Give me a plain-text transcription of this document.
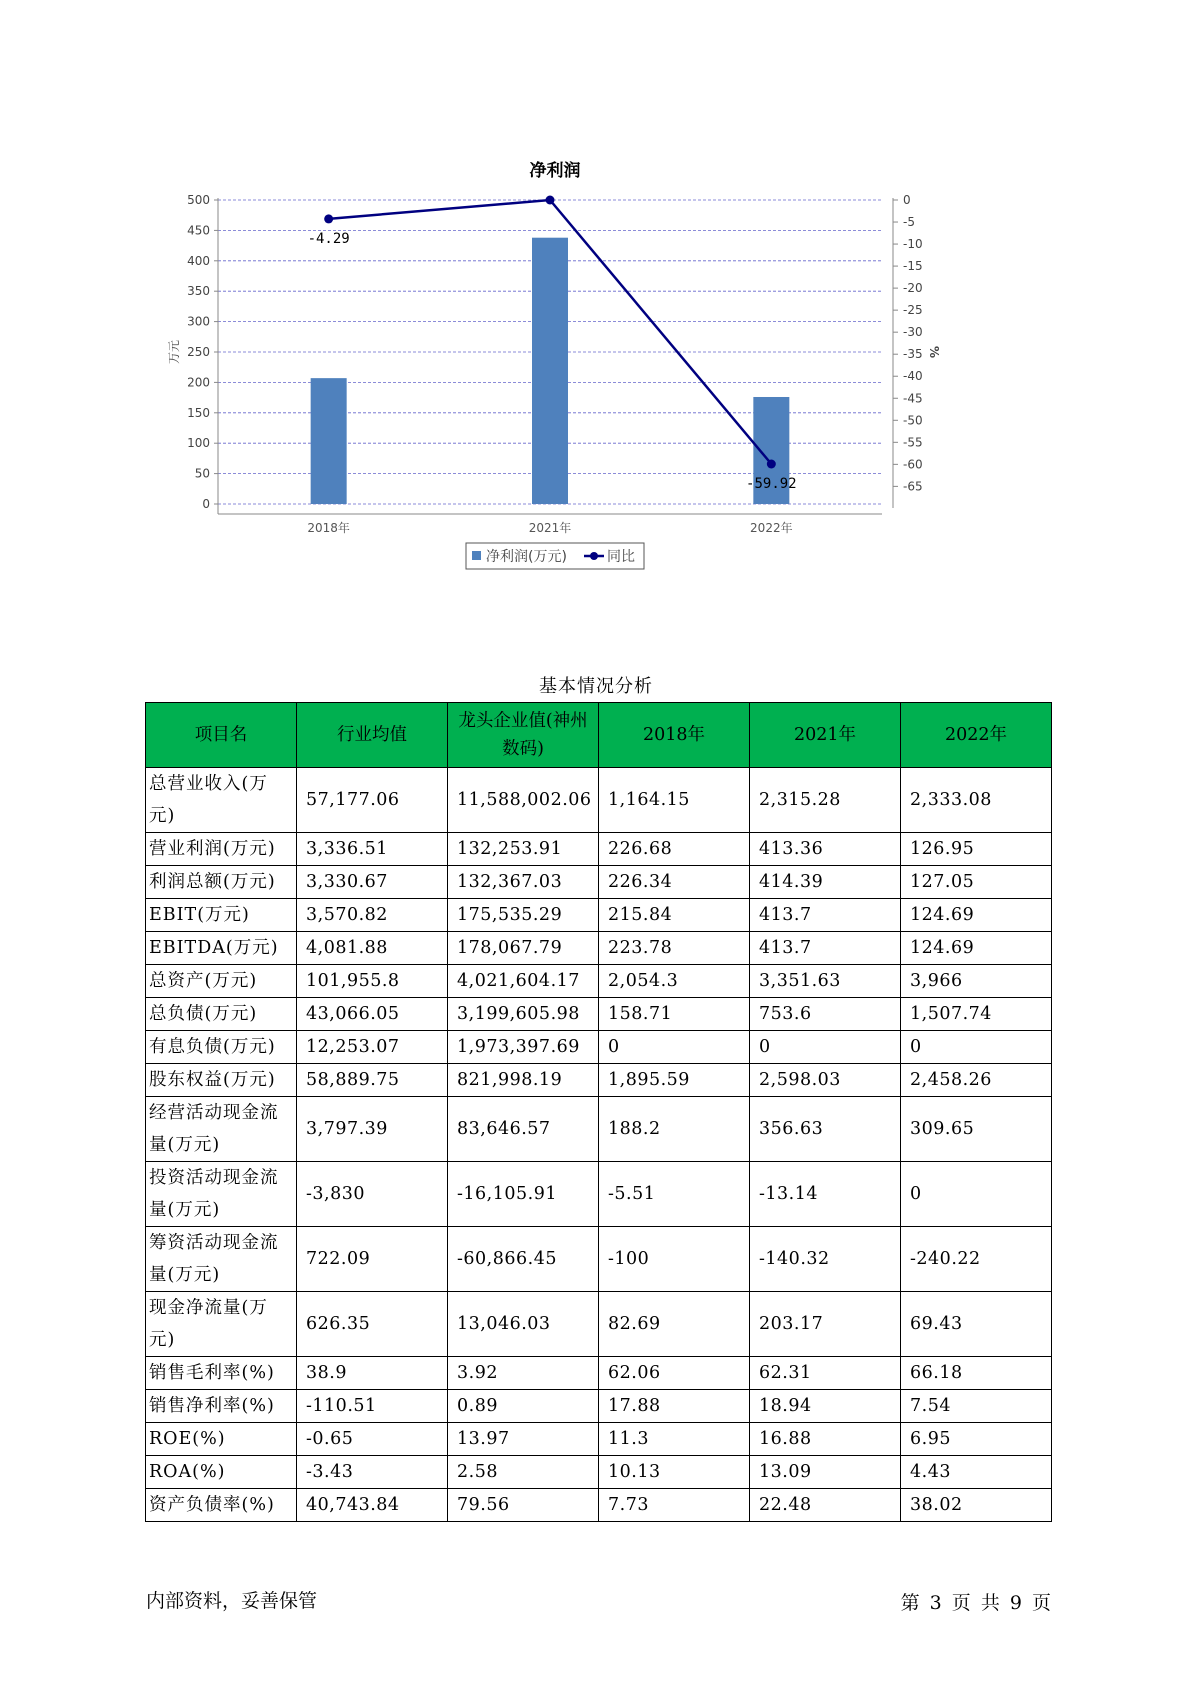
净利润
0
50
100
150
200
250
300
350
400
450
500	0
-5
-10
-15
-20
-25
-30
-35
-40
-45
-50
-55
-60
-65
万元	%
2018年	2021年	2022年
-4.29
-59.92
净利润(万元)	同比
基本情况分析
项目名	行业均值	龙头企业值(神州数码)	2018年	2021年	2022年
总营业收入(万元)	57,177.06	11,588,002.06	1,164.15	2,315.28	2,333.08
营业利润(万元)	3,336.51	132,253.91	226.68	413.36	126.95
利润总额(万元)	3,330.67	132,367.03	226.34	414.39	127.05
EBIT(万元)	3,570.82	175,535.29	215.84	413.7	124.69
EBITDA(万元)	4,081.88	178,067.79	223.78	413.7	124.69
总资产(万元)	101,955.8	4,021,604.17	2,054.3	3,351.63	3,966
总负债(万元)	43,066.05	3,199,605.98	158.71	753.6	1,507.74
有息负债(万元)	12,253.07	1,973,397.69	0	0	0
股东权益(万元)	58,889.75	821,998.19	1,895.59	2,598.03	2,458.26
经营活动现金流量(万元)	3,797.39	83,646.57	188.2	356.63	309.65
投资活动现金流量(万元)	-3,830	-16,105.91	-5.51	-13.14	0
筹资活动现金流量(万元)	722.09	-60,866.45	-100	-140.32	-240.22
现金净流量(万元)	626.35	13,046.03	82.69	203.17	69.43
销售毛利率(%)	38.9	3.92	62.06	62.31	66.18
销售净利率(%)	-110.51	0.89	17.88	18.94	7.54
ROE(%)	-0.65	13.97	11.3	16.88	6.95
ROA(%)	-3.43	2.58	10.13	13.09	4.43
资产负债率(%)	40,743.84	79.56	7.73	22.48	38.02
内部资料，妥善保管	第 3 页 共 9 页
